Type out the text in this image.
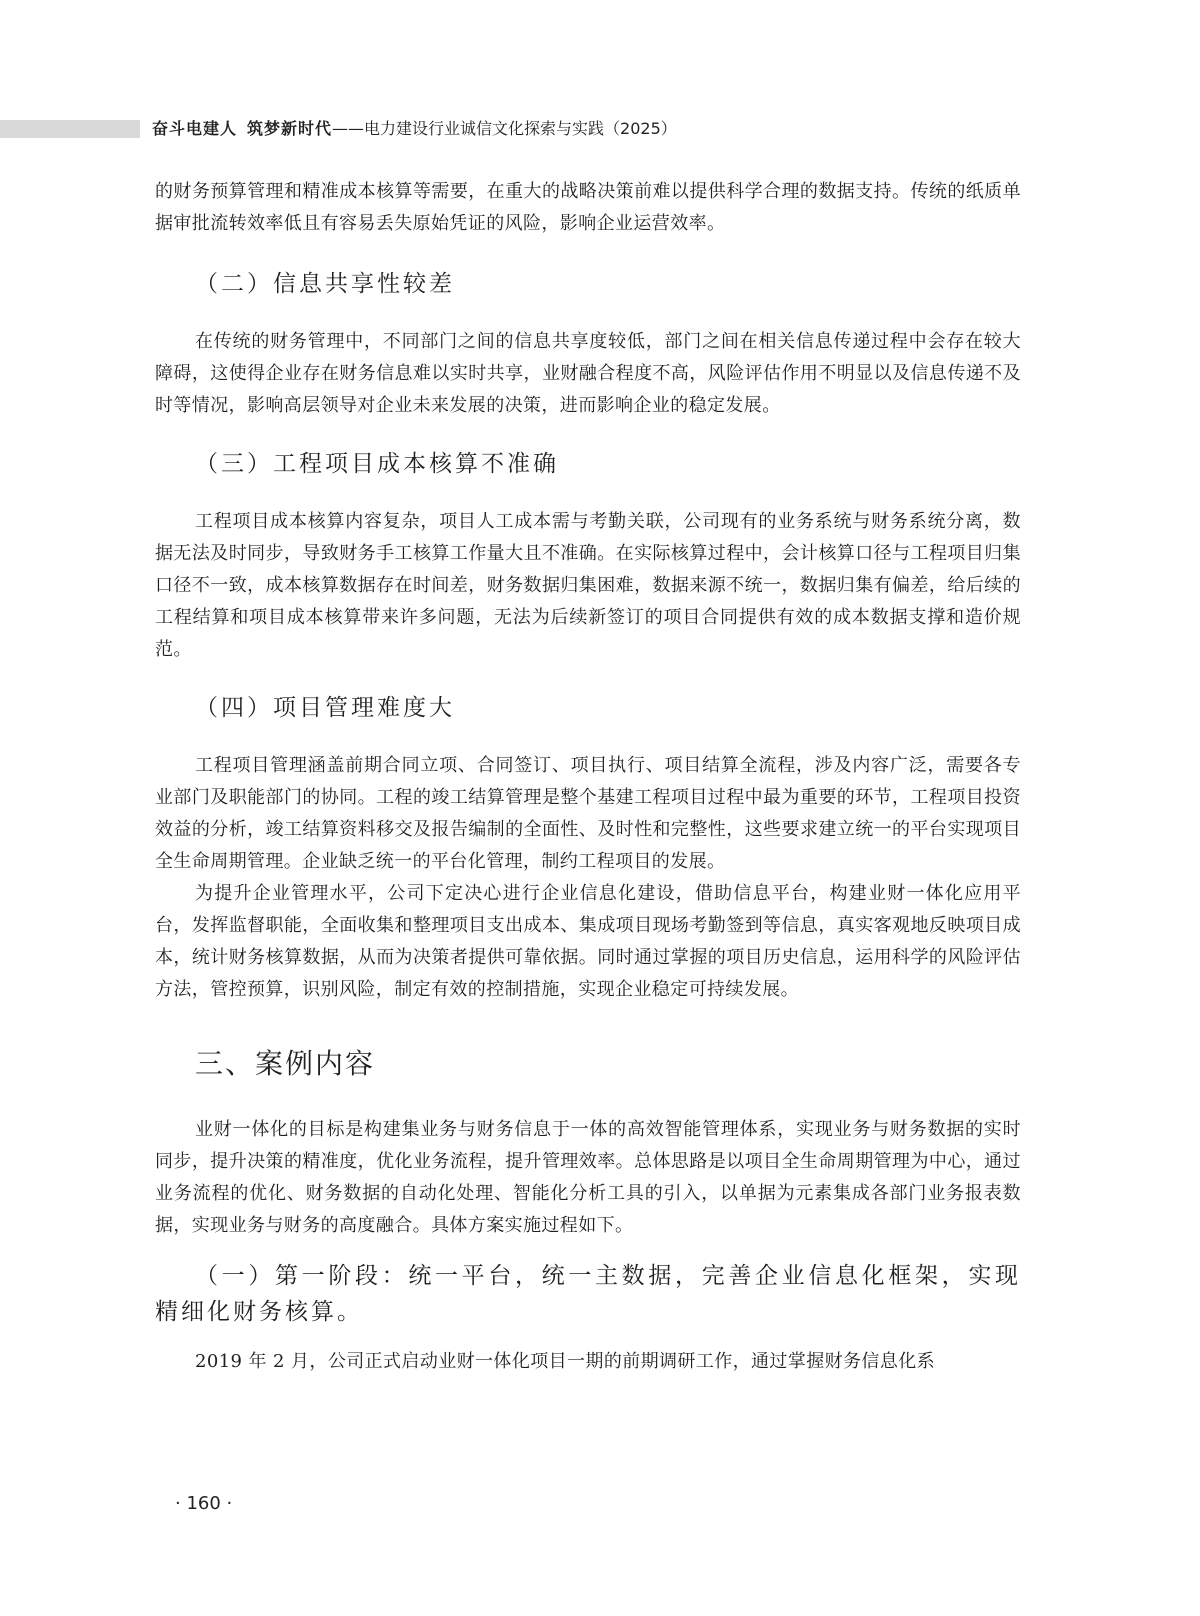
奋斗电建人 筑梦新时代——电力建设行业诚信文化探索与实践（2025）

的财务预算管理和精准成本核算等需要，在重大的战略决策前难以提供科学合理的数据支持。传统的纸质单据审批流转效率低且有容易丢失原始凭证的风险，影响企业运营效率。

（二）信息共享性较差

在传统的财务管理中，不同部门之间的信息共享度较低，部门之间在相关信息传递过程中会存在较大障碍，这使得企业存在财务信息难以实时共享，业财融合程度不高，风险评估作用不明显以及信息传递不及时等情况，影响高层领导对企业未来发展的决策，进而影响企业的稳定发展。

（三）工程项目成本核算不准确

工程项目成本核算内容复杂，项目人工成本需与考勤关联，公司现有的业务系统与财务系统分离，数据无法及时同步，导致财务手工核算工作量大且不准确。在实际核算过程中，会计核算口径与工程项目归集口径不一致，成本核算数据存在时间差，财务数据归集困难，数据来源不统一，数据归集有偏差，给后续的工程结算和项目成本核算带来许多问题，无法为后续新签订的项目合同提供有效的成本数据支撑和造价规范。

（四）项目管理难度大

工程项目管理涵盖前期合同立项、合同签订、项目执行、项目结算全流程，涉及内容广泛，需要各专业部门及职能部门的协同。工程的竣工结算管理是整个基建工程项目过程中最为重要的环节，工程项目投资效益的分析，竣工结算资料移交及报告编制的全面性、及时性和完整性，这些要求建立统一的平台实现项目全生命周期管理。企业缺乏统一的平台化管理，制约工程项目的发展。

为提升企业管理水平，公司下定决心进行企业信息化建设，借助信息平台，构建业财一体化应用平台，发挥监督职能，全面收集和整理项目支出成本、集成项目现场考勤签到等信息，真实客观地反映项目成本，统计财务核算数据，从而为决策者提供可靠依据。同时通过掌握的项目历史信息，运用科学的风险评估方法，管控预算，识别风险，制定有效的控制措施，实现企业稳定可持续发展。

三、案例内容

业财一体化的目标是构建集业务与财务信息于一体的高效智能管理体系，实现业务与财务数据的实时同步，提升决策的精准度，优化业务流程，提升管理效率。总体思路是以项目全生命周期管理为中心，通过业务流程的优化、财务数据的自动化处理、智能化分析工具的引入，以单据为元素集成各部门业务报表数据，实现业务与财务的高度融合。具体方案实施过程如下。

（一）第一阶段：统一平台，统一主数据，完善企业信息化框架，实现精细化财务核算。

2019 年 2 月，公司正式启动业财一体化项目一期的前期调研工作，通过掌握财务信息化系

· 160 ·
